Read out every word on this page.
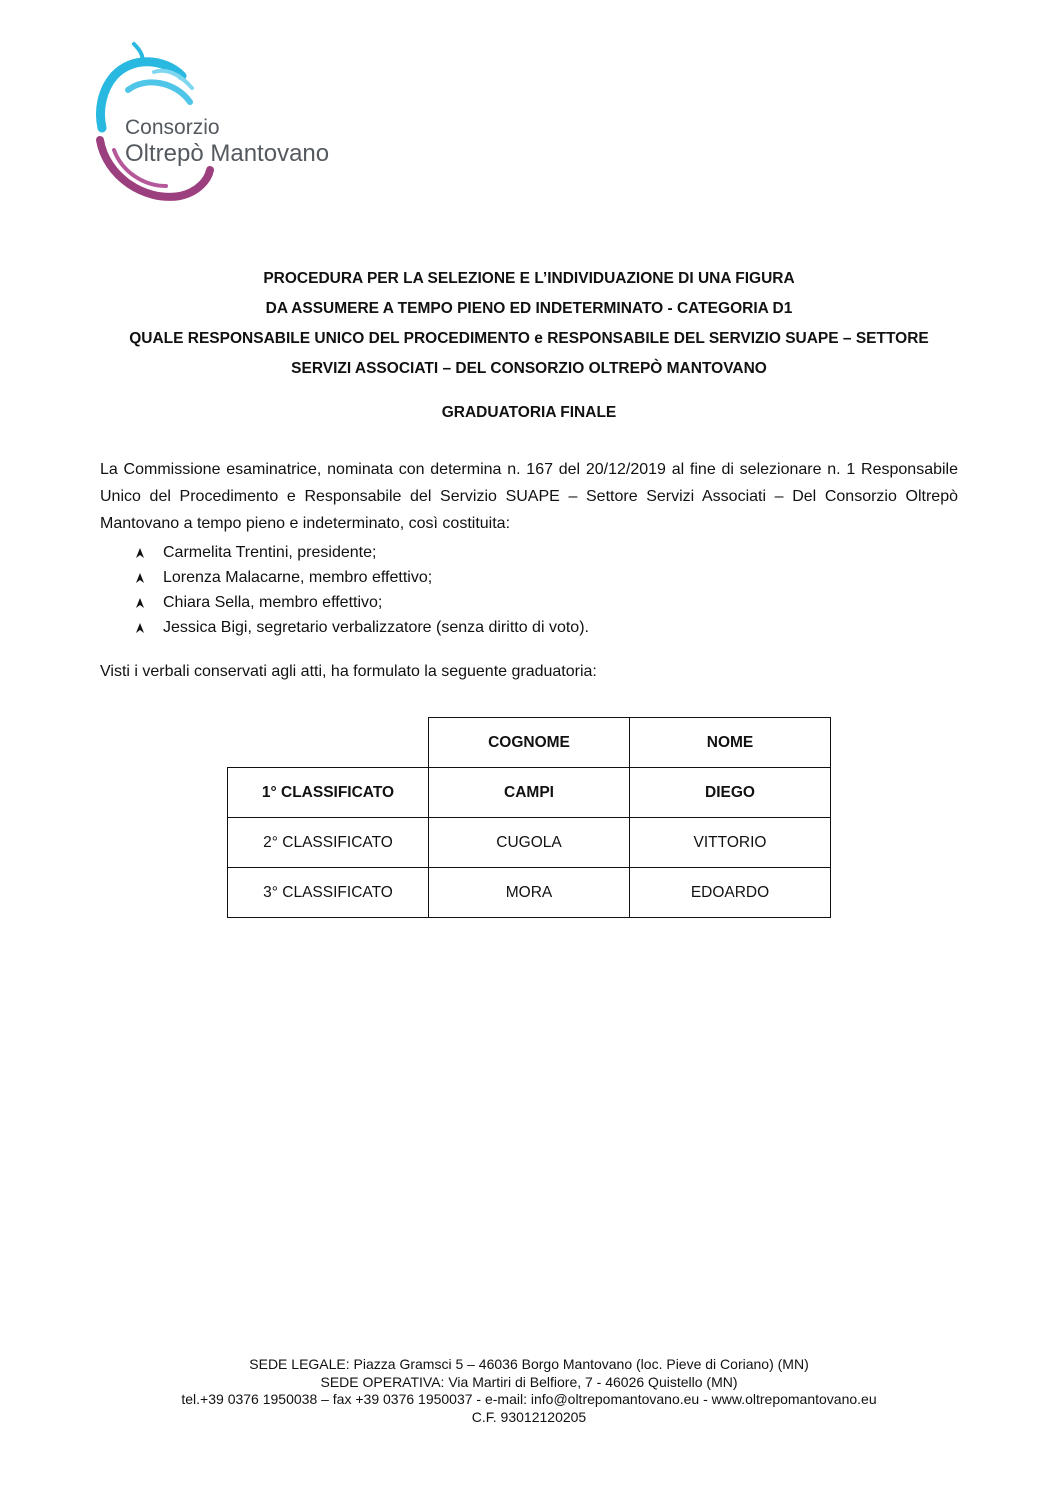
Consorzio
Oltrepò Mantovano
PROCEDURA PER LA SELEZIONE E L’INDIVIDUAZIONE DI UNA FIGURA
DA ASSUMERE A TEMPO PIENO ED INDETERMINATO - CATEGORIA D1
QUALE RESPONSABILE UNICO DEL PROCEDIMENTO e RESPONSABILE DEL SERVIZIO SUAPE – SETTORE
SERVIZI ASSOCIATI – DEL CONSORZIO OLTREPÒ MANTOVANO
GRADUATORIA FINALE
La Commissione esaminatrice, nominata con determina n. 167 del 20/12/2019 al fine di selezionare n. 1 Responsabile Unico del Procedimento e Responsabile del Servizio SUAPE – Settore Servizi Associati – Del Consorzio Oltrepò Mantovano a tempo pieno e indeterminato, così costituita:
Carmelita Trentini, presidente;
Lorenza Malacarne, membro effettivo;
Chiara Sella, membro effettivo;
Jessica Bigi, segretario verbalizzatore (senza diritto di voto).
Visti i verbali conservati agli atti, ha formulato la seguente graduatoria:
	COGNOME	NOME
1° CLASSIFICATO	CAMPI	DIEGO
2° CLASSIFICATO	CUGOLA	VITTORIO
3° CLASSIFICATO	MORA	EDOARDO
SEDE LEGALE: Piazza Gramsci 5 – 46036 Borgo Mantovano (loc. Pieve di Coriano) (MN)
SEDE OPERATIVA: Via Martiri di Belfiore, 7 - 46026 Quistello (MN)
tel.+39 0376 1950038 – fax +39 0376 1950037 - e-mail: info@oltrepomantovano.eu - www.oltrepomantovano.eu
C.F. 93012120205
